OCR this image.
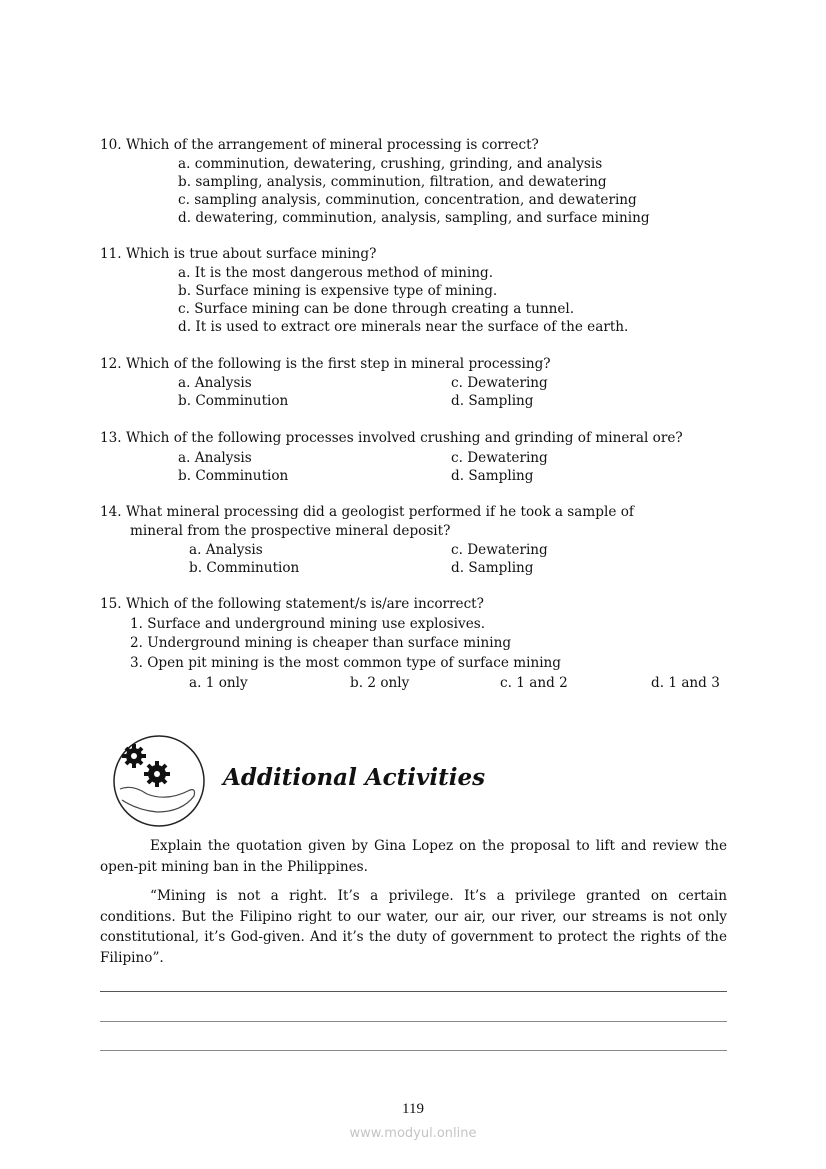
10. Which of the arrangement of mineral processing is correct?
a. comminution, dewatering, crushing, grinding, and analysis
b. sampling, analysis, comminution, filtration, and dewatering
c. sampling analysis, comminution, concentration, and dewatering
d. dewatering, comminution, analysis, sampling, and surface mining
11. Which is true about surface mining?
a. It is the most dangerous method of mining.
b. Surface mining is expensive type of mining.
c. Surface mining can be done through creating a tunnel.
d. It is used to extract ore minerals near the surface of the earth.
12. Which of the following is the first step in mineral processing?
a. Analysis
b. Comminution
c. Dewatering
d. Sampling
13. Which of the following processes involved crushing and grinding of mineral ore?
a. Analysis
b. Comminution
c. Dewatering
d. Sampling
14. What mineral processing did a geologist performed if he took a sample of
mineral from the prospective mineral deposit?
a. Analysis
b. Comminution
c. Dewatering
d. Sampling
15. Which of the following statement/s is/are incorrect?
1. Surface and underground mining use explosives.
2. Underground mining is cheaper than surface mining
3. Open pit mining is the most common type of surface mining
a. 1 only	b. 2 only	c. 1 and 2	d. 1 and 3
Additional Activities
Explain the quotation given by Gina Lopez on the proposal to lift and review the open-pit mining ban in the Philippines.
“Mining is not a right. It’s a privilege. It’s a privilege granted on certain conditions. But the Filipino right to our water, our air, our river, our streams is not only constitutional, it’s God-given. And it’s the duty of government to protect the rights of the Filipino”.
119
www.modyul.online
